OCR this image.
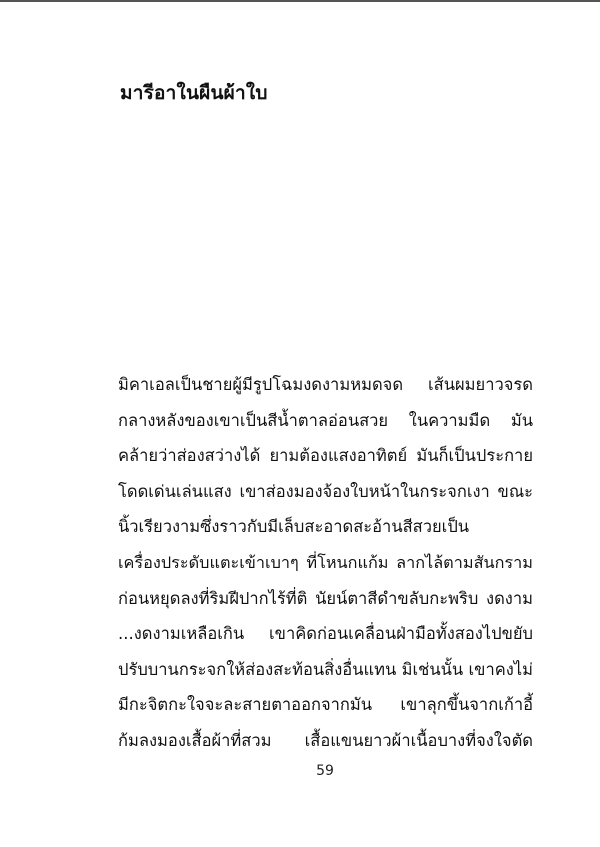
มารีอาในผืนผ้าใบ
มิคาเอลเป็นชายผู้มีรูปโฉมงดงามหมดจด เส้นผมยาวจรด
กลางหลังของเขาเป็นสีน้ำตาลอ่อนสวย ในความมืด มัน
คล้ายว่าส่องสว่างได้ ยามต้องแสงอาทิตย์ มันก็เป็นประกาย
โดดเด่นเล่นแสง เขาส่องมองจ้องใบหน้าในกระจกเงา ขณะ
นิ้วเรียวงามซึ่งราวกับมีเล็บสะอาดสะอ้านสีสวยเป็น
เครื่องประดับแตะเข้าเบาๆ ที่โหนกแก้ม ลากไล้ตามสันกราม
ก่อนหยุดลงที่ริมฝีปากไร้ที่ติ นัยน์ตาสีดำขลับกะพริบ งดงาม
...งดงามเหลือเกิน เขาคิดก่อนเคลื่อนฝ่ามือทั้งสองไปขยับ
ปรับบานกระจกให้ส่องสะท้อนสิ่งอื่นแทน มิเช่นนั้น เขาคงไม่
มีกะจิตกะใจจะละสายตาออกจากมัน เขาลุกขึ้นจากเก้าอี้
ก้มลงมองเสื้อผ้าที่สวม เสื้อแขนยาวผ้าเนื้อบางที่จงใจตัด
59
